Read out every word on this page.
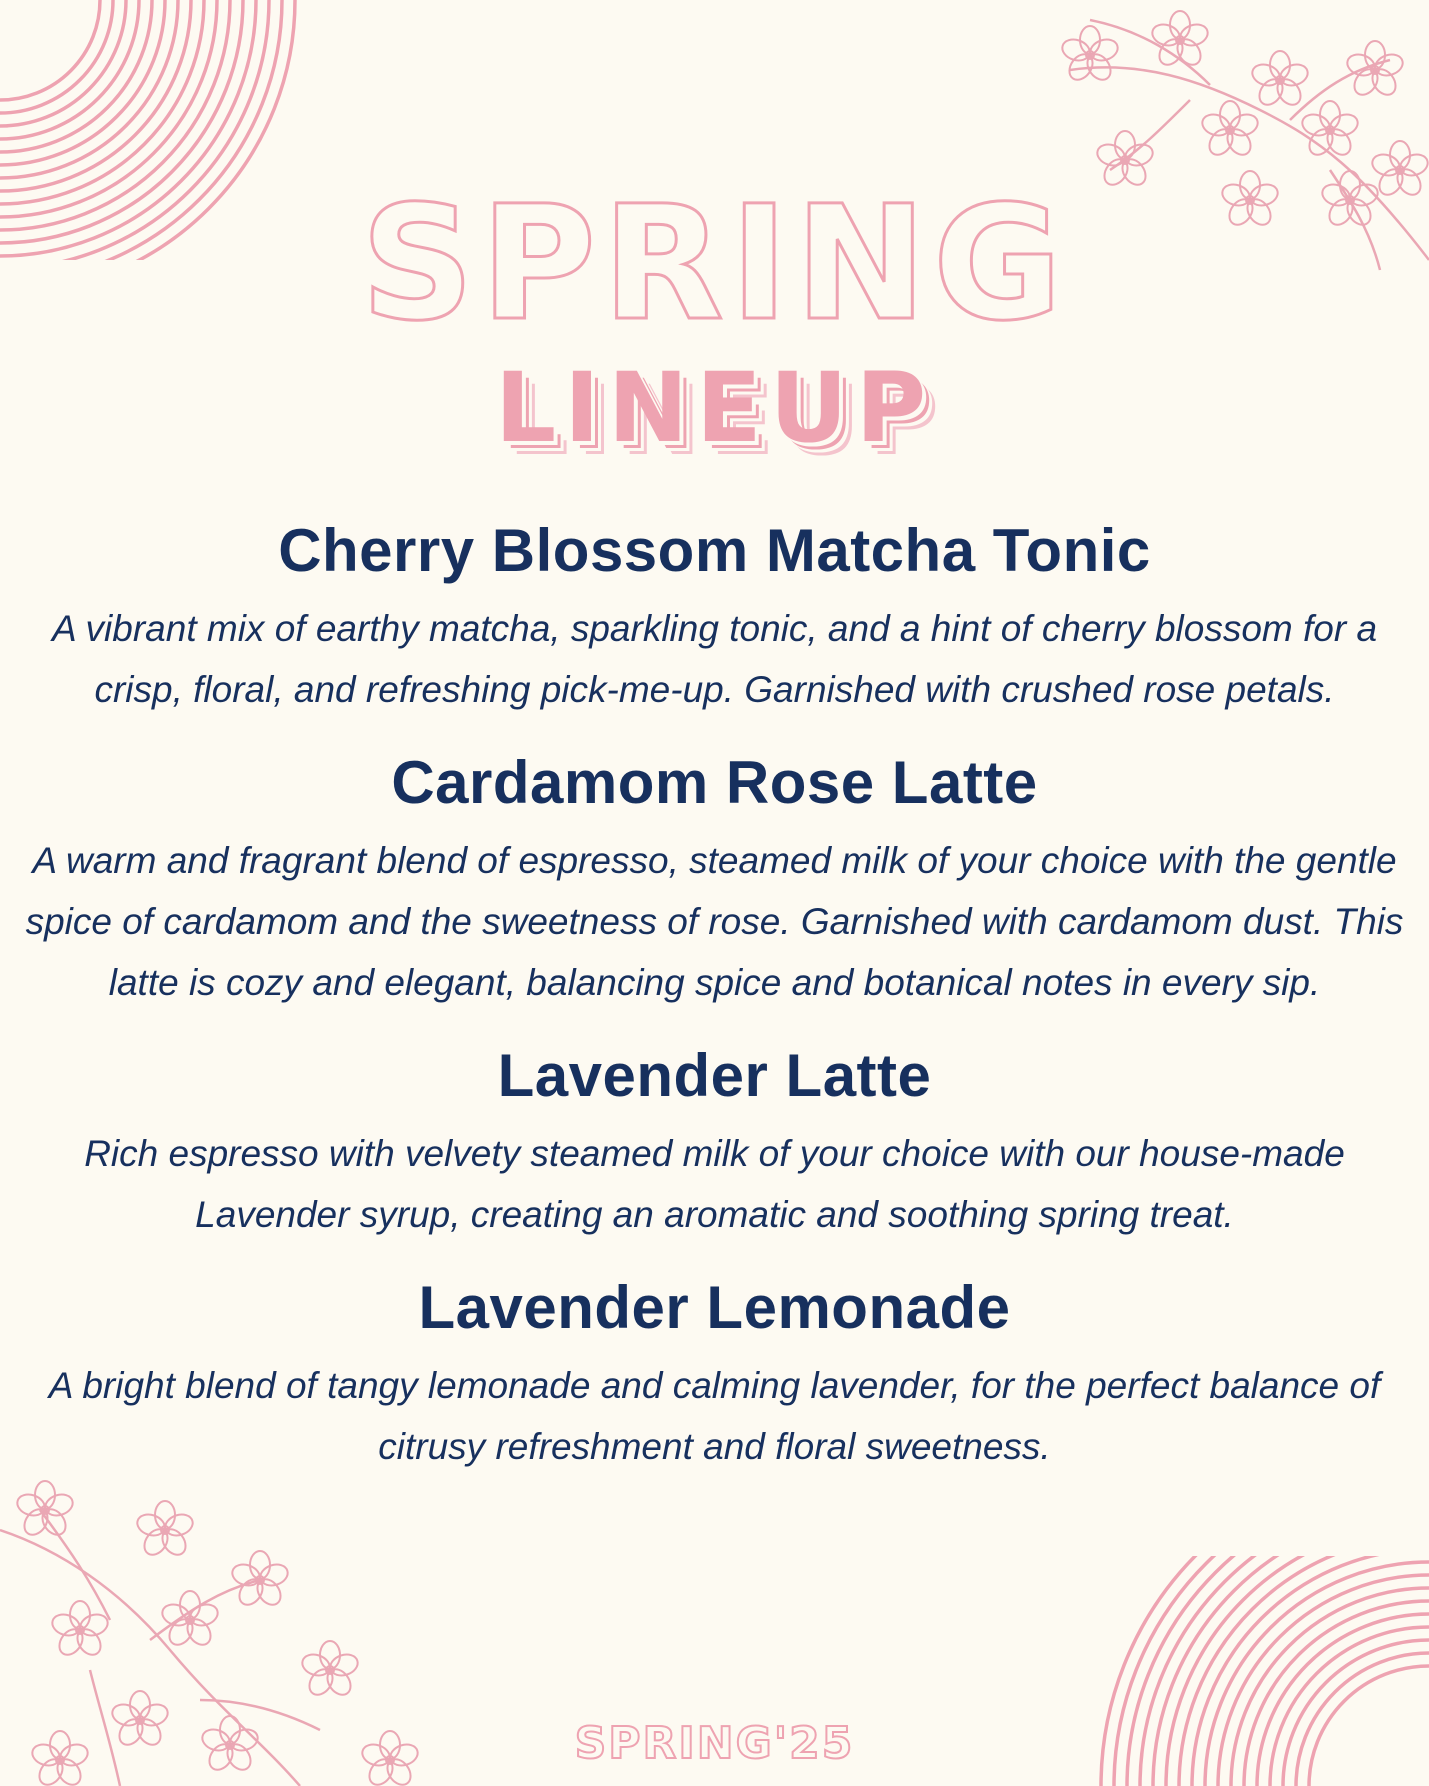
SPRING
LINEUP
Cherry Blossom Matcha Tonic

A vibrant mix of earthy matcha, sparkling tonic, and a hint of cherry blossom for a crisp, floral, and refreshing pick-me-up. Garnished with crushed rose petals.

Cardamom Rose Latte

A warm and fragrant blend of espresso, steamed milk of your choice with the gentle spice of cardamom and the sweetness of rose. Garnished with cardamom dust. This latte is cozy and elegant, balancing spice and botanical notes in every sip.

Lavender Latte

Rich espresso with velvety steamed milk of your choice with our house-made Lavender syrup, creating an aromatic and soothing spring treat.

Lavender Lemonade

A bright blend of tangy lemonade and calming lavender, for the perfect balance of citrusy refreshment and floral sweetness.

SPRING'25
